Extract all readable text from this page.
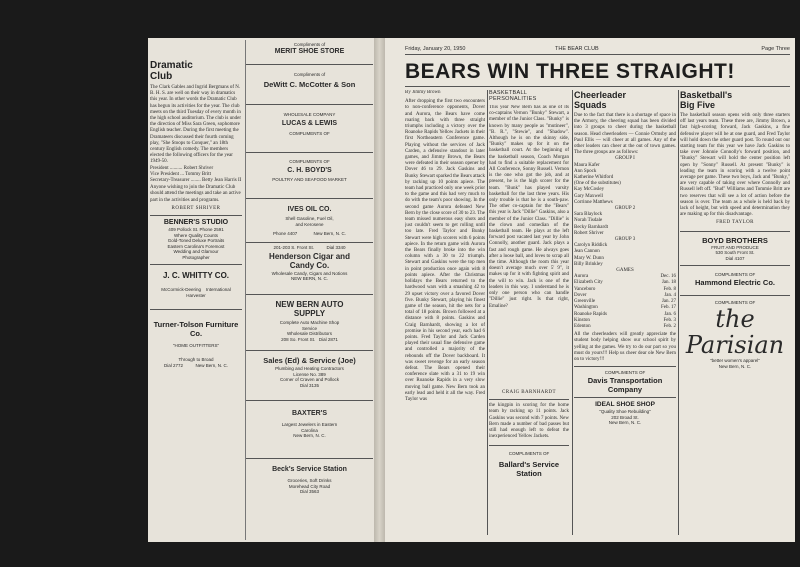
Dramatic
Club

The Clark Gables and Ingrid Bergmans of N. B. H. S. are well on their way in dramatics this year. In other words the Dramatic Club has begun its activities for the year. The club meets on the third Tuesday of every month in the high school auditorium. The club is under the direction of Miss Sara Green, sophomore English teacher. During the first meeting the Dramateers discussed their fourth coming play, "She Stoops to Conquer," an 18th century English comedy. The members elected the following officers for the year 1949-50.

President .......... Robert Shriver

Vice President ... Tommy Britt

Secretary-Treasurer ........ Betty Jean Harris II

Anyone wishing to join the Dramatic Club should attend the meetings and take an active part in the activities and programs.

ROBERT SHRIVER

BENNER'S STUDIO
409 Pollock St. Phone 2591
Where Quality Counts
Gold-Toned Deluxe Portraits
Eastern Carolina's Foremost
Wedding and Glamour
Photographer
J. C. WHITTY CO.
McCormick-Deering    International
Harvester
Turner-Tolson Furniture Co.
"HOME OUTFITTERS"
Through to Broad
Dial 2772          New Bern, N. C.
Compliments of
MERIT SHOE STORE
Compliments of
DeWitt C. McCotter & Son
WHOLESALE COMPANY
LUCAS & LEWIS
COMPLIMENTS OF
COMPLIMENTS OF
C. H. BOYD'S
POULTRY AND SEAFOOD MARKET
IVES OIL CO.
Shell Gasoline, Fuel Oil,
and Kerosene
Phone 4407             New Bern, N. C.
201-203 S. Front St.          Dial 3340
Henderson Cigar and Candy Co.
Wholesale Candy, Cigars and Notions
NEW BERN, N. C.
NEW BERN AUTO SUPPLY
Complete Auto Machine Shop
Service
Wholesale Distributors
208 So. Front St.   Dial 2871
Sales (Ed) & Service (Joe)
Plumbing and Heating Contractors
License No. 389
Corner of Craven and Pollock
Dial 3135
BAXTER'S
Largest Jewelers in Eastern
Carolina
New Bern, N. C.
Beck's Service Station
Groceries, Soft Drinks
Morehead City Road
Dial 3563
Friday, January 20, 1950	THE BEAR CLUB	Page Three
BEARS WIN THREE STRAIGHT!

By Jimmy Brown

After dropping the first two encounters to non-conference opponents, Dover and Aurora, the Bears have come roaring back with three straight triumphs including a victory over the Roanoke Rapids Yellow Jackets in their first Northeastern Conference game. Playing without the services of Jack Carden, a defensive standout in later games, and Jimmy Brown, the Bears were defeated in their season opener by Dover 46 to 29. Jack Gaskins and Bunky Stewart sparked the Bears attack by racking up 10 points apiece. The team had practiced only one week prior to the game and this had very much to do with the team's poor showing. In the second game Aurora defeated New Bern by the close score of 30 to 23. The team missed numerous easy shots and just couldn't seem to get rolling until too late. Fred Taylor and Bunky Stewart were high scorers with 6 points apiece. In the return game with Aurora the Bears finally broke into the win column with a 30 to 22 triumph. Stewart and Gaskins were the top men in point production once again with 8 points apiece. After the Christmas holidays the Bears returned to the hardwood wars with a smashing 42 to 29 upset victory over a favored Dover five. Bunky Stewart, playing his finest game of the season, hit the nets for a total of 18 points. Brown followed at a distance with 8 points. Gaskins and Craig Barnhardt, showing a lot of promise in his second year, each had 6 points. Fred Taylor and Jack Carden played their usual fine defensive game and controlled a majority of the rebounds off the Dover backboard. It was sweet revenge for an early season defeat. The Bears opened their conference slate with a 31 to 19 win over Roanoke Rapids in a very slow moving ball game. New Bern took an early lead and held it all the way. Fred Taylor was

BASKETBALL
PERSONALITIES

This year New Bern has as one of its co-captains Vernon "Bunky" Stewart, a member of the Junior Class. "Bunky" is known by many people as "mutineer", "B. R.", "Stewie", and "Shadow". Although he is on the skinny side, "Bunky" makes up for it on the basketball court. At the beginning of the basketball season, Coach Morgan had to find a suitable replacement for All Conference, Sonny Russell. Vernon is the one who got the job, and at present, he is the high scorer for the team. "Bunk" has played varsity basketball for the last three years. His only trouble is that he is a south-paw. The other co-captain for the "Bears" this year is Jack "Dillie" Gaskins, also a member of the Junior Class. "Dillie" is the clown and comedian of the basketball team. He plays at the left forward post vacated last year by John Connolly, another guard. Jack plays a fast and rough game. He always goes after a loose ball, and loves to scrap all the time. Although the room this year doesn't average much over 5' 9", it makes up for it with fighting spirit and the will to win. Jack is one of the leaders in this way. I understand he is only one person who can handle "Dillie" just right. Is that right, Emaline?

CRAIG BARNHARDT

the kingpin in scoring for the home team by racking up 11 points. Jack Gaskins was second with 7 points. New Bern made a number of bad passes but still had enough left to defeat the inexperienced Yellow Jackets.

COMPLIMENTS OF
Ballard's Service Station
Cheerleader
Squads

Due to the fact that there is a shortage of space in the Armory, the cheering squad has been divided into 3 groups to cheer during the basketball season. Head cheerleaders — Connie Ormsby and Paul Ellis — will cheer at all games. Any of the other leaders can cheer at the out of town games. The three groups are as follows:

GROUP I

Maura Kafer
Ann Spock
Katherine Whitford
(One of the substitutes)
Kay McCosley
Gary Maxwell
Corrinne Matthews

GROUP 2

Sara Blaylock
Norah Tisdale
Becky Barnhardt
Robert Shriver

GROUP 3

Carolyn Riddick
Jean Cannon
Mary W. Dunn
Billy Brinkley

GAMES

Aurora	Dec. 16
Elizabeth City	Jan. 18
Vanceboro	Feb. 8
Dover	Jan. 4
Greenville	Jan. 27
Washington	Feb. 17
Roanoke Rapids	Jan. 6
Kinston	Feb. 3
Edenton	Feb. 2

All the cheerleaders will greatly appreciate the student body helping show our school spirit by yelling at the games. We try to do our part so you must do yours!!! Help us cheer dear ole New Bern on to victory!!!

COMPLIMENTS OF
Davis Transportation Company
IDEAL SHOE SHOP
"Quality Shoe Rebuilding"
202 Broad St.
New Bern, N. C.
Basketball's
Big Five

The basketball season opens with only three starters off last years team. These three are, Jimmy Brown, a fast high-scoring forward, Jack Gaskins, a fine defensive player will be at one guard, and Fred Taylor will hold down the other guard post. To round out our starting team for this year we have Jack Gaskins to take over Johnnie Connolly's forward position, and "Bunky" Stewart will hold the center position left open by "Sonny" Russell. At present "Bunky" is leading the team in scoring with a twelve point average per game. These two boys, Jack and "Bunky," are very capable of taking over where Connolly and Russell left off. "Bud" Williams and Tommie Britt are two reserves that will see a lot of action before the season is over. The team as a whole is held back by lack of height, but with speed and determination they are making up for this disadvantage.

FRED TAYLOR

BOYD BROTHERS
FRUIT AND PRODUCE
530 South Front St.
Dial 4107
COMPLIMENTS OF
Hammond Electric Co.
COMPLIMENTS OF
the Parisian
"better women's apparel"
New Bern, N. C.
